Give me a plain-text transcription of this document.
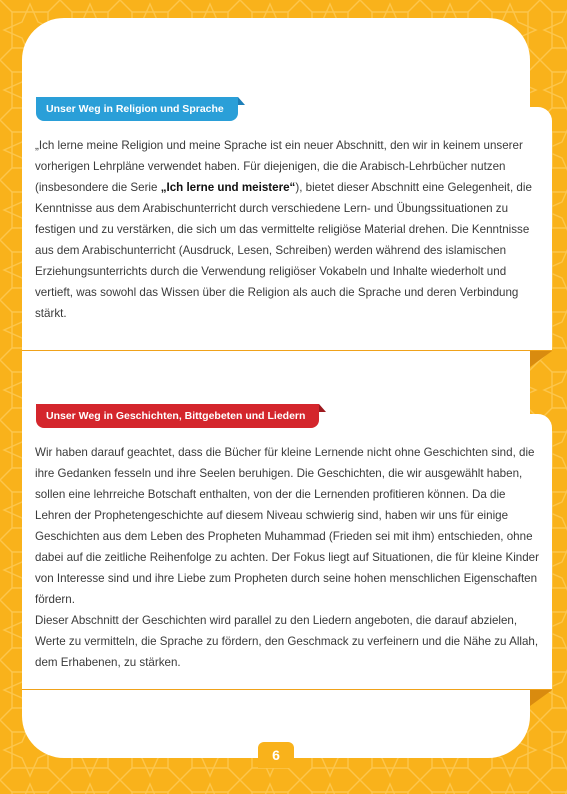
Unser Weg in Religion und Sprache

„Ich lerne meine Religion und meine Sprache ist ein neuer Abschnitt, den wir in keinem unserer vorherigen Lehrpläne verwendet haben. Für diejenigen, die die Arabisch-Lehrbücher nutzen (insbesondere die Serie „Ich lerne und meistere“), bietet dieser Abschnitt eine Gelegenheit, die Kenntnisse aus dem Arabischunterricht durch verschiedene Lern- und Übungssituationen zu festigen und zu verstärken, die sich um das vermittelte religiöse Material drehen. Die Kenntnisse aus dem Arabischunterricht (Ausdruck, Lesen, Schreiben) werden während des islamischen Erziehungsunterrichts durch die Verwendung religiöser Vokabeln und Inhalte wiederholt und vertieft, was sowohl das Wissen über die Religion als auch die Sprache und deren Verbindung stärkt.

Unser Weg in Geschichten, Bittgebeten und Liedern

Wir haben darauf geachtet, dass die Bücher für kleine Lernende nicht ohne Geschichten sind, die ihre Gedanken fesseln und ihre Seelen beruhigen. Die Geschichten, die wir ausgewählt haben, sollen eine lehrreiche Botschaft enthalten, von der die Lernenden profitieren können. Da die Lehren der Prophetengeschichte auf diesem Niveau schwierig sind, haben wir uns für einige Geschichten aus dem Leben des Propheten Muhammad (Frieden sei mit ihm) entschieden, ohne dabei auf die zeitliche Reihenfolge zu achten. Der Fokus liegt auf Situationen, die für kleine Kinder von Interesse sind und ihre Liebe zum Propheten durch seine hohen menschlichen Eigenschaften fördern.
Dieser Abschnitt der Geschichten wird parallel zu den Liedern angeboten, die darauf abzielen, Werte zu vermitteln, die Sprache zu fördern, den Geschmack zu verfeinern und die Nähe zu Allah, dem Erhabenen, zu stärken.

6
